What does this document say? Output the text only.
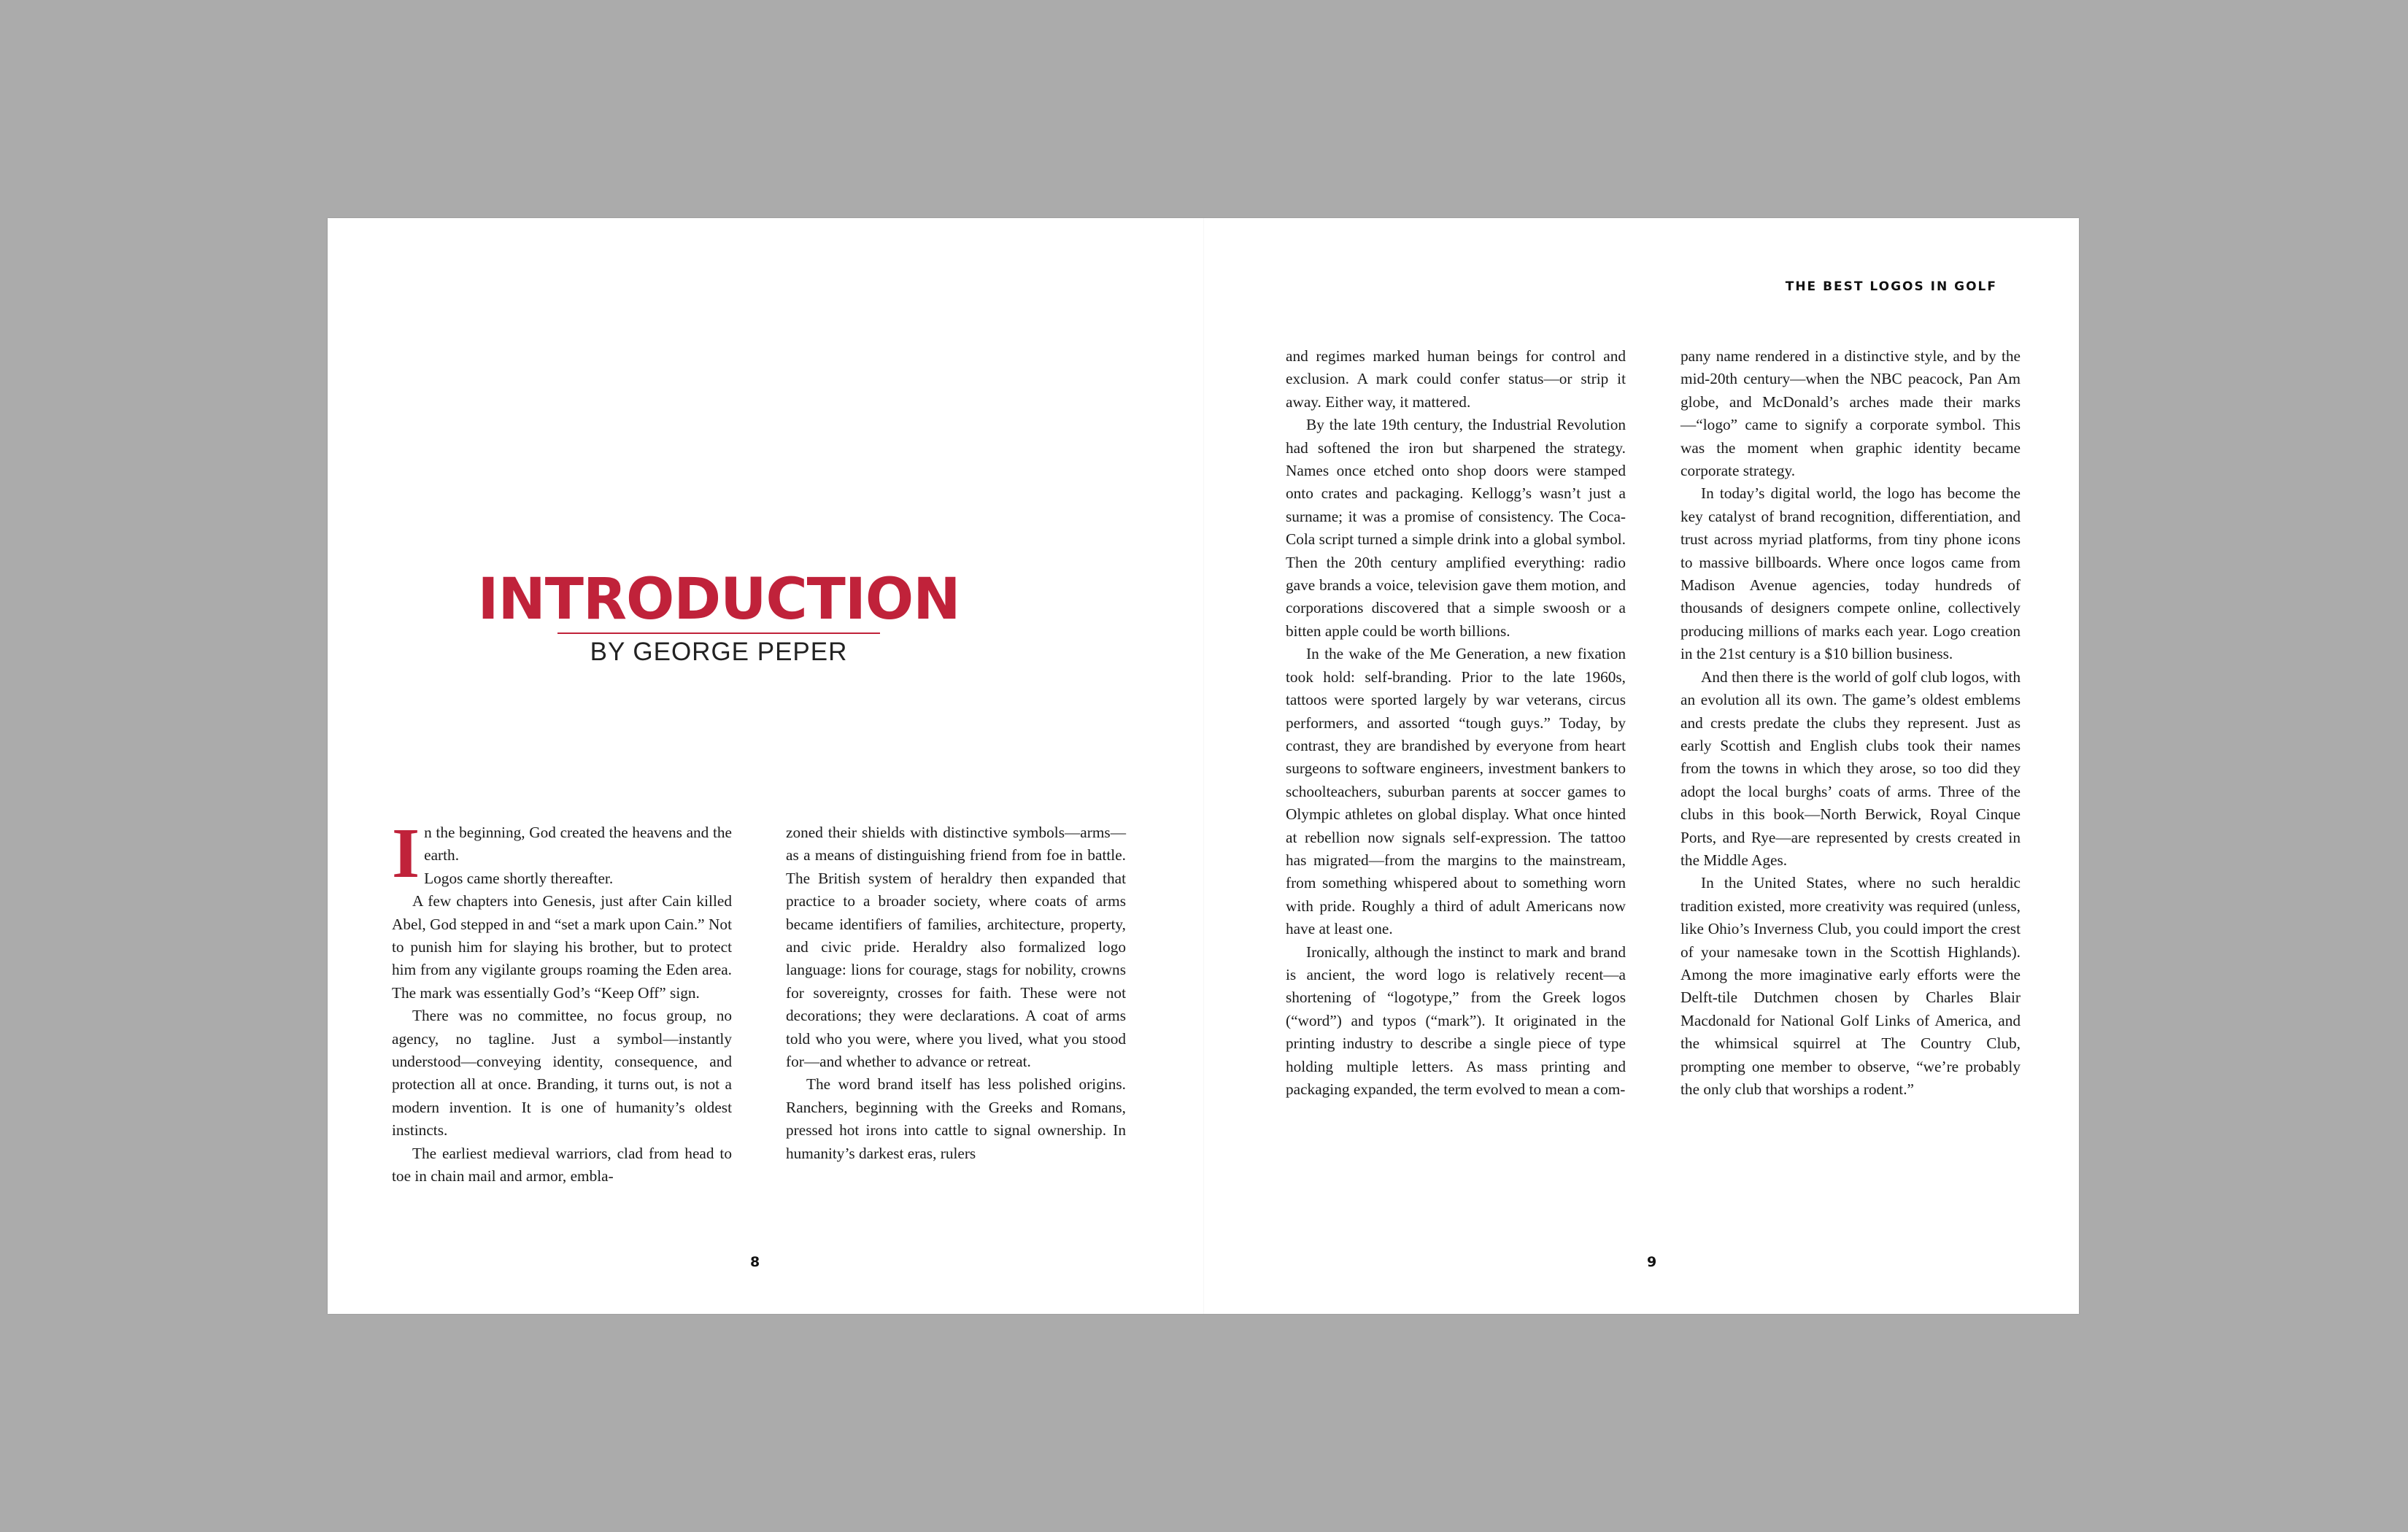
THE BEST LOGOS IN GOLF
INTRODUCTION
BY GEORGE PEPER

In the beginning, God created the heavens and the earth.

Logos came shortly thereafter.

A few chapters into Genesis, just after Cain killed Abel, God stepped in and “set a mark upon Cain.” Not to punish him for slaying his brother, but to protect him from any vigilante groups roaming the Eden area. The mark was essentially God’s “Keep Off” sign.

There was no committee, no focus group, no agency, no tagline. Just a symbol—instantly understood—conveying identity, consequence, and protection all at once. Branding, it turns out, is not a modern invention. It is one of humanity’s oldest instincts.

The earliest medieval warriors, clad from head to toe in chain mail and armor, embla-

zoned their shields with distinctive symbols—arms—as a means of distinguishing friend from foe in battle. The British system of heraldry then expanded that practice to a broader society, where coats of arms became identifiers of families, architecture, property, and civic pride. Heraldry also formalized logo language: lions for courage, stags for nobility, crowns for sovereignty, crosses for faith. These were not decorations; they were declarations. A coat of arms told who you were, where you lived, what you stood for—and whether to advance or retreat.

The word brand itself has less polished origins. Ranchers, beginning with the Greeks and Romans, pressed hot irons into cattle to signal ownership. In humanity’s darkest eras, rulers

and regimes marked human beings for control and exclusion. A mark could confer status—or strip it away. Either way, it mattered.

By the late 19th century, the Industrial Revolution had softened the iron but sharpened the strategy. Names once etched onto shop doors were stamped onto crates and packaging. Kellogg’s wasn’t just a surname; it was a promise of consistency. The Coca-Cola script turned a simple drink into a global symbol. Then the 20th century amplified everything: radio gave brands a voice, television gave them motion, and corporations discovered that a simple swoosh or a bitten apple could be worth billions.

In the wake of the Me Generation, a new fixation took hold: self-branding. Prior to the late 1960s, tattoos were sported largely by war veterans, circus performers, and assorted “tough guys.” Today, by contrast, they are brandished by everyone from heart surgeons to software engineers, investment bankers to schoolteachers, suburban parents at soccer games to Olympic athletes on global display. What once hinted at rebellion now signals self-expression. The tattoo has migrated—from the margins to the mainstream, from something whispered about to something worn with pride. Roughly a third of adult Americans now have at least one.

Ironically, although the instinct to mark and brand is ancient, the word logo is relatively recent—a shortening of “logotype,” from the Greek logos (“word”) and typos (“mark”). It originated in the printing industry to describe a single piece of type holding multiple letters. As mass printing and packaging expanded, the term evolved to mean a com-

pany name rendered in a distinctive style, and by the mid-20th century—when the NBC peacock, Pan Am globe, and McDonald’s arches made their marks—“logo” came to signify a corporate symbol. This was the moment when graphic identity became corporate strategy.

In today’s digital world, the logo has become the key catalyst of brand recognition, differentiation, and trust across myriad platforms, from tiny phone icons to massive billboards. Where once logos came from Madison Avenue agencies, today hundreds of thousands of designers compete online, collectively producing millions of marks each year. Logo creation in the 21st century is a $10 billion business.

And then there is the world of golf club logos, with an evolution all its own. The game’s oldest emblems and crests predate the clubs they represent. Just as early Scottish and English clubs took their names from the towns in which they arose, so too did they adopt the local burghs’ coats of arms. Three of the clubs in this book—North Berwick, Royal Cinque Ports, and Rye—are represented by crests created in the Middle Ages.

In the United States, where no such heraldic tradition existed, more creativity was required (unless, like Ohio’s Inverness Club, you could import the crest of your namesake town in the Scottish Highlands). Among the more imaginative early efforts were the Delft-tile Dutchmen chosen by Charles Blair Macdonald for National Golf Links of America, and the whimsical squirrel at The Country Club, prompting one member to observe, “we’re probably the only club that worships a rodent.”

8	9
